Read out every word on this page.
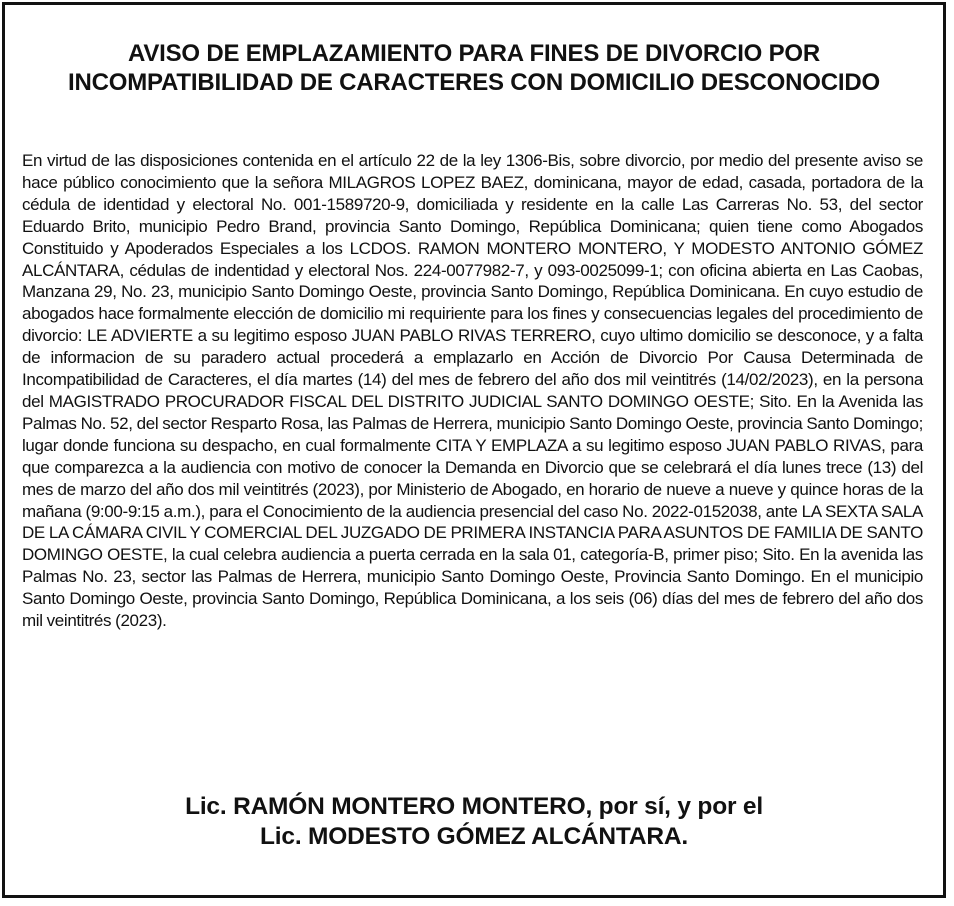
AVISO DE EMPLAZAMIENTO PARA FINES DE DIVORCIO POR INCOMPATIBILIDAD DE CARACTERES CON DOMICILIO DESCONOCIDO

En virtud de las disposiciones contenida en el artículo 22 de la ley 1306-Bis, sobre divorcio, por medio del presente aviso se hace público conocimiento que la señora MILAGROS LOPEZ BAEZ, dominicana, mayor de edad, casada, portadora de la cédula de identidad y electoral No. 001-1589720-9, domiciliada y residente en la calle Las Carreras No. 53, del sector Eduardo Brito, municipio Pedro Brand, provincia Santo Domingo, República Dominicana; quien tiene como Abogados Constituido y Apoderados Especiales a los LCDOS. RAMON MONTERO MONTERO, Y MODESTO ANTONIO GÓMEZ ALCÁNTARA, cédulas de indentidad y electoral Nos. 224-0077982-7, y 093-0025099-1; con oficina abierta en Las Caobas, Manzana 29, No. 23, municipio Santo Domingo Oeste, provincia Santo Domingo, República Dominicana. En cuyo estudio de abogados hace formalmente elección de domicilio mi requiriente para los fines y consecuencias legales del procedimiento de divorcio: LE ADVIERTE a su legitimo esposo JUAN PABLO RIVAS TERRERO, cuyo ultimo domicilio se desconoce, y a falta de informacion de su paradero actual procederá a emplazarlo en Acción de Divorcio Por Causa Determinada de Incompatibilidad de Caracteres, el día martes (14) del mes de febrero del año dos mil veintitrés (14/02/2023), en la persona del MAGISTRADO PROCURADOR FISCAL DEL DISTRITO JUDICIAL SANTO DOMINGO OESTE; Sito. En la Avenida las Palmas No. 52, del sector Resparto Rosa, las Palmas de Herrera, municipio Santo Domingo Oeste, provincia Santo Domingo; lugar donde funciona su despacho, en cual formalmente CITA Y EMPLAZA a su legitimo esposo JUAN PABLO RIVAS, para que comparezca a la audiencia con motivo de conocer la Demanda en Divorcio que se celebrará el día lunes trece (13) del mes de marzo del año dos mil veintitrés (2023), por Ministerio de Abogado, en horario de nueve a nueve y quince horas de la mañana (9:00-9:15 a.m.), para el Conocimiento de la audiencia presencial del caso No. 2022-0152038, ante LA SEXTA SALA DE LA CÁMARA CIVIL Y COMERCIAL DEL JUZGADO DE PRIMERA INSTANCIA PARA ASUNTOS DE FAMILIA DE SANTO DOMINGO OESTE, la cual celebra audiencia a puerta cerrada en la sala 01, categoría-B, primer piso; Sito. En la avenida las Palmas No. 23, sector las Palmas de Herrera, municipio Santo Domingo Oeste, Provincia Santo Domingo. En el municipio Santo Domingo Oeste, provincia Santo Domingo, República Dominicana, a los seis (06) días del mes de febrero del año dos mil veintitrés (2023).

Lic. RAMÓN MONTERO MONTERO, por sí, y por el
Lic. MODESTO GÓMEZ ALCÁNTARA.
